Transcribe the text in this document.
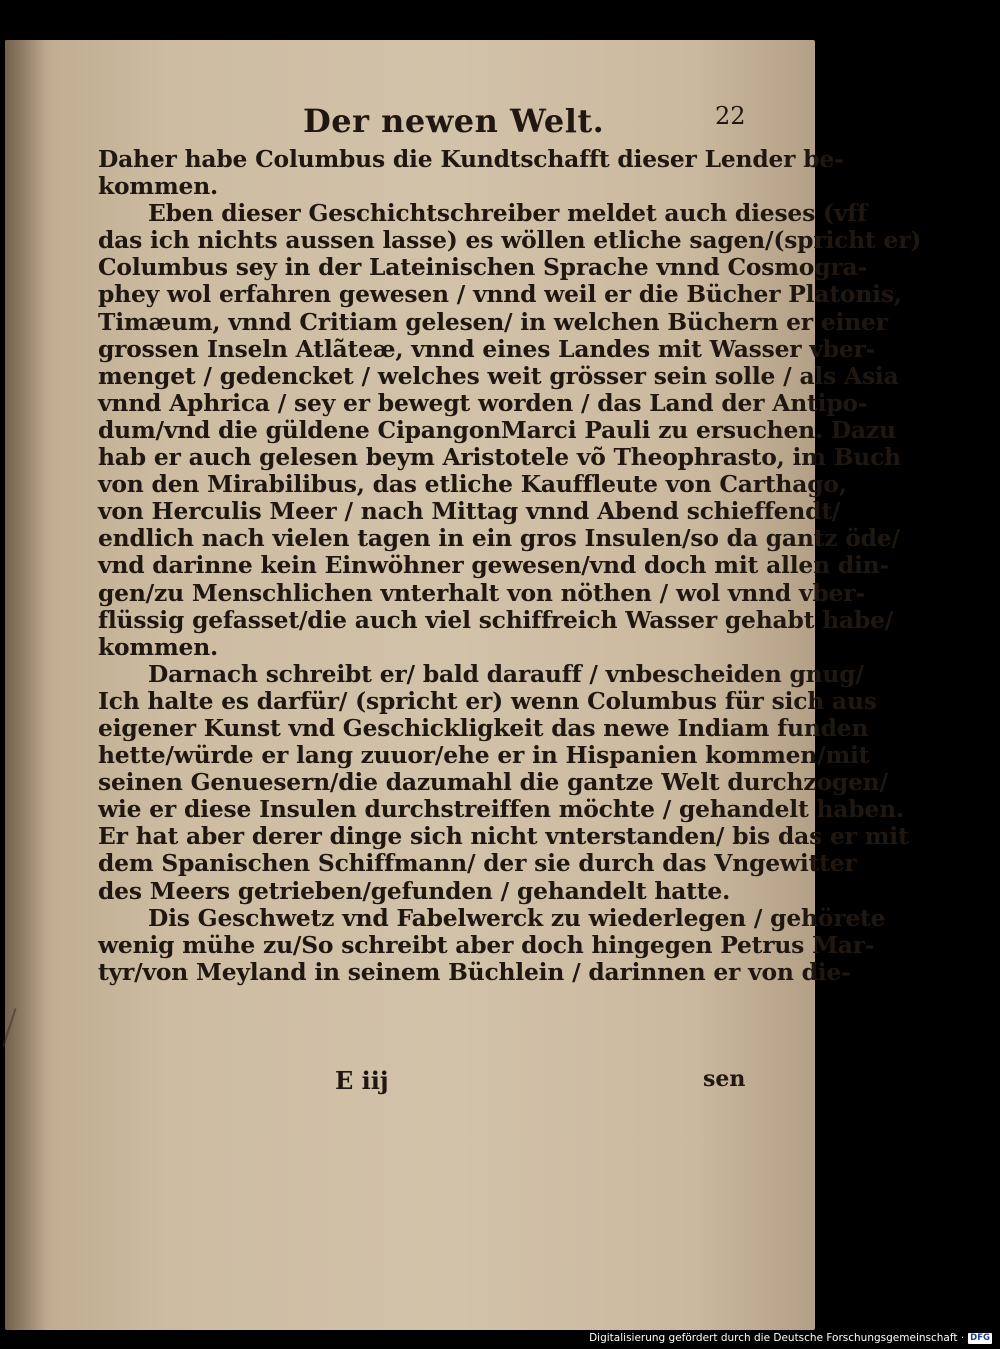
Der newen Welt.	22
Daher habe Columbus die Kundtschafft dieser Lender be-
kommen.
Eben dieser Geschichtschreiber meldet auch dieses (vff
das ich nichts aussen lasse) es wöllen etliche sagen/(spricht er)
Columbus sey in der Lateinischen Sprache vnnd Cosmogra-
phey wol erfahren gewesen / vnnd weil er die Bücher Platonis,
Timæum, vnnd Critiam gelesen/ in welchen Büchern er einer
grossen Inseln Atlãteæ, vnnd eines Landes mit Wasser vber-
menget / gedencket / welches weit grösser sein solle / als Asia
vnnd Aphrica / sey er bewegt worden / das Land der Antipo-
dum/vnd die güldene CipangonMarci Pauli zu ersuchen. Dazu
hab er auch gelesen beym Aristotele võ Theophrasto, im Buch
von den Mirabilibus, das etliche Kauffleute von Carthago,
von Herculis Meer / nach Mittag vnnd Abend schieffendt/
endlich nach vielen tagen in ein gros Insulen/so da gantz öde/
vnd darinne kein Einwöhner gewesen/vnd doch mit allen din-
gen/zu Menschlichen vnterhalt von nöthen / wol vnnd vber-
flüssig gefasset/die auch viel schiffreich Wasser gehabt habe/
kommen.
Darnach schreibt er/ bald darauff / vnbescheiden gnug/
Ich halte es darfür/ (spricht er) wenn Columbus für sich aus
eigener Kunst vnd Geschickligkeit das newe Indiam funden
hette/würde er lang zuuor/ehe er in Hispanien kommen/mit
seinen Genuesern/die dazumahl die gantze Welt durchzogen/
wie er diese Insulen durchstreiffen möchte / gehandelt haben.
Er hat aber derer dinge sich nicht vnterstanden/ bis das er mit
dem Spanischen Schiffmann/ der sie durch das Vngewitter
des Meers getrieben/gefunden / gehandelt hatte.
Dis Geschwetz vnd Fabelwerck zu wiederlegen / gehörete
wenig mühe zu/So schreibt aber doch hingegen Petrus Mar-
tyr/von Meyland in seinem Büchlein / darinnen er von die-
E iij	sen
Digitalisierung gefördert durch die Deutsche Forschungsgemeinschaft · DFG
